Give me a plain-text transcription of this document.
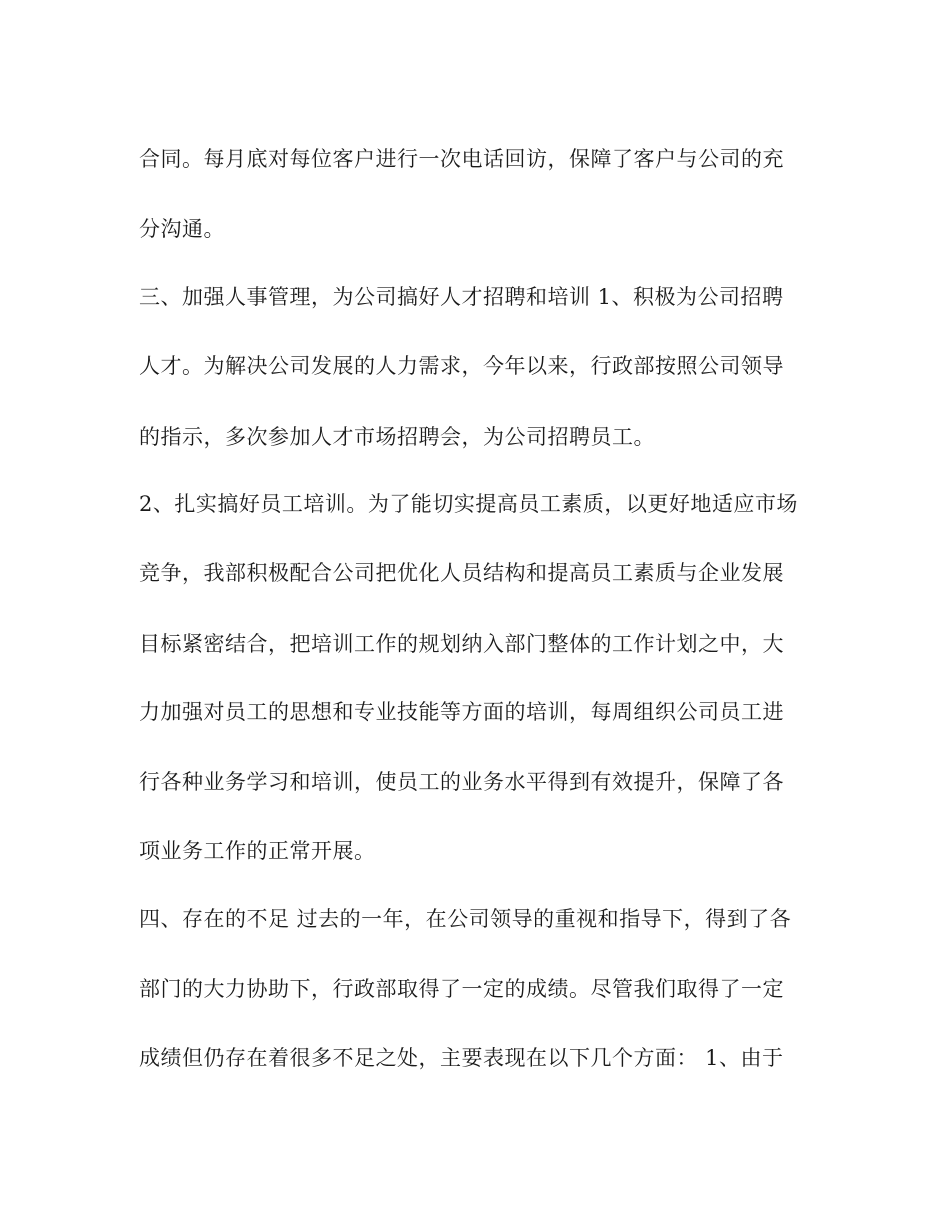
合同。每月底对每位客户进行一次电话回访，保障了客户与公司的充
分沟通。
三、加强人事管理，为公司搞好人才招聘和培训 1、积极为公司招聘
人才。为解决公司发展的人力需求，今年以来，行政部按照公司领导
的指示，多次参加人才市场招聘会，为公司招聘员工。
2、扎实搞好员工培训。为了能切实提高员工素质，以更好地适应市场
竞争，我部积极配合公司把优化人员结构和提高员工素质与企业发展
目标紧密结合，把培训工作的规划纳入部门整体的工作计划之中，大
力加强对员工的思想和专业技能等方面的培训，每周组织公司员工进
行各种业务学习和培训，使员工的业务水平得到有效提升，保障了各
项业务工作的正常开展。
四、存在的不足 过去的一年，在公司领导的重视和指导下，得到了各
部门的大力协助下，行政部取得了一定的成绩。尽管我们取得了一定
成绩但仍存在着很多不足之处，主要表现在以下几个方面： 1、由于
